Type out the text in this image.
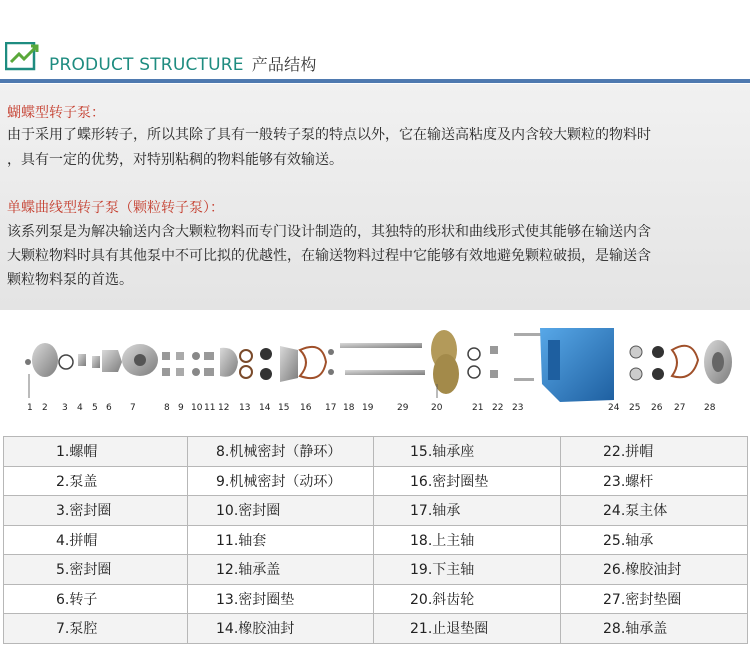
PRODUCT STRUCTURE 产品结构
蝴蝶型转子泵：
由于采用了蝶形转子，所以其除了具有一般转子泵的特点以外，它在输送高粘度及内含较大颗粒的物料时
，具有一定的优势，对特别粘稠的物料能够有效输送。
单蝶曲线型转子泵（颗粒转子泵）：
该系列泵是为解决输送内含大颗粒物料而专门设计制造的，其独特的形状和曲线形式使其能够在输送内含
大颗粒物料时具有其他泵中不可比拟的优越性，在输送物料过程中它能够有效地避免颗粒破损，是输送含
颗粒物料泵的首选。
1 2 3 4 5 6 7	8 9 10 11 12 13 14 15 16 17 18 19	29	20	21 22 23	24 25 26 27 28
1.螺帽	8.机械密封（静环）	15.轴承座	22.拼帽
2.泵盖	9.机械密封（动环）	16.密封圈垫	23.螺杆
3.密封圈	10.密封圈	17.轴承	24.泵主体
4.拼帽	11.轴套	18.上主轴	25.轴承
5.密封圈	12.轴承盖	19.下主轴	26.橡胶油封
6.转子	13.密封圈垫	20.斜齿轮	27.密封垫圈
7.泵腔	14.橡胶油封	21.止退垫圈	28.轴承盖
